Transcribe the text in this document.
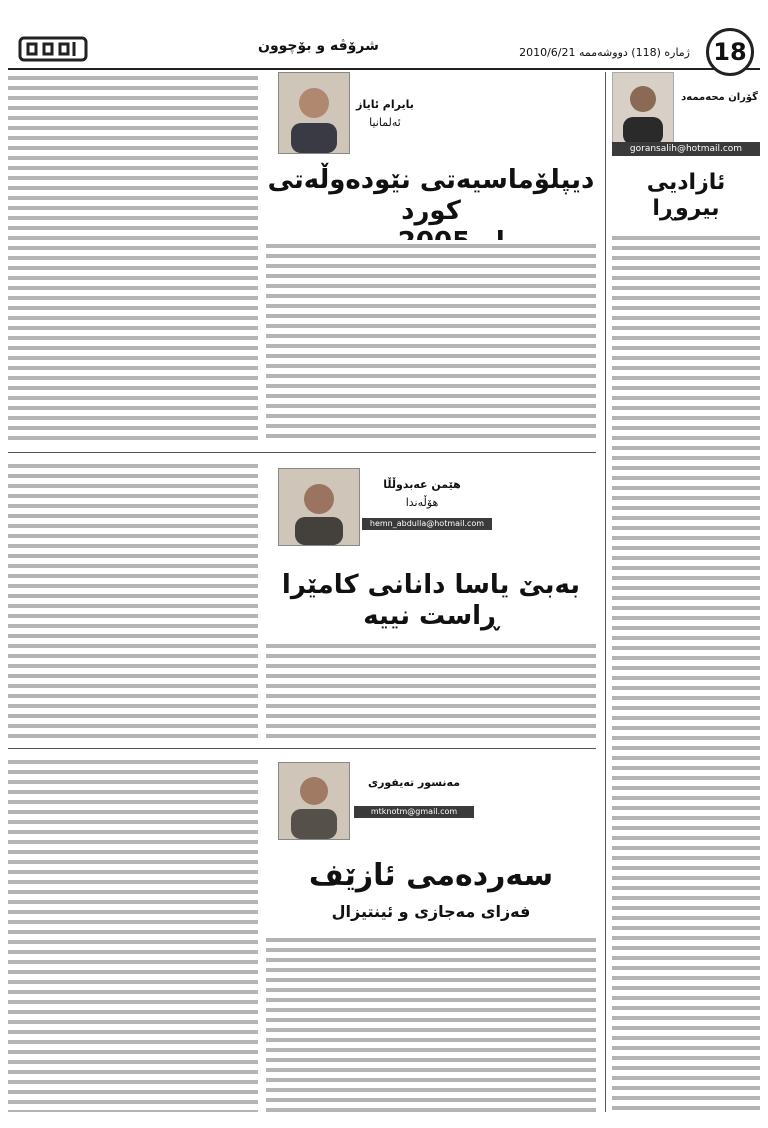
18
ژماره (118) دووشەممە 2010/6/21
شرۆڤە و بۆچوون
گۆران محەممەد
goransalih@hotmail.com
ئازادیی بیروڕا
بایرام ئایاز
ئەلمانیا
دیپلۆماسیەتی نێودەوڵەتی کورد
هێمن عەبدوڵڵا
هۆڵەندا
hemn_abdulla@hotmail.com
بەبێ یاسا دانانی کامێرا
ڕاست نییە
مەنسور تەیفوری
mtknotm@gmail.com
سەردەمی ئازێف
فەزای مەجازی و ئینتیزال
